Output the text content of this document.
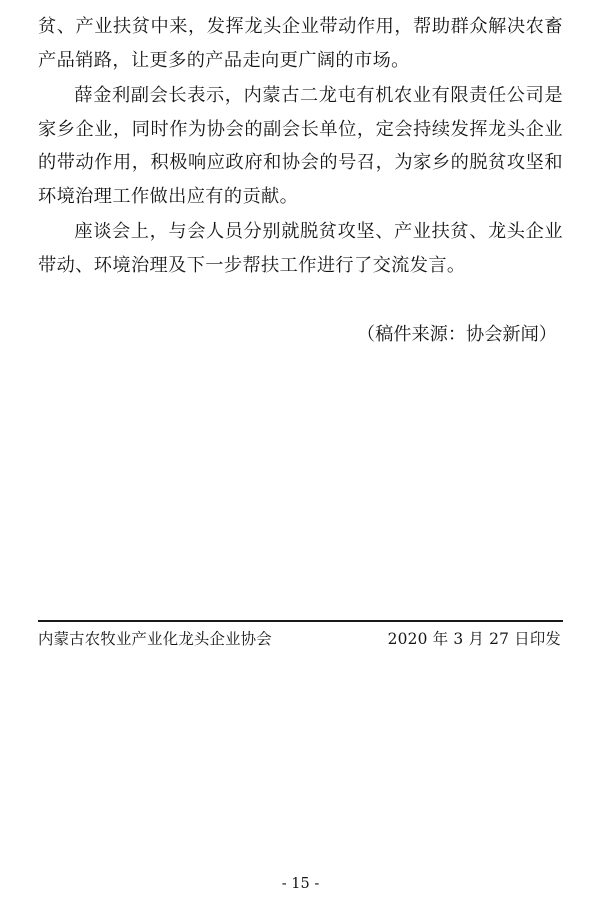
贫、产业扶贫中来，发挥龙头企业带动作用，帮助群众解决农畜产品销路，让更多的产品走向更广阔的市场。

薛金利副会长表示，内蒙古二龙屯有机农业有限责任公司是家乡企业，同时作为协会的副会长单位，定会持续发挥龙头企业的带动作用，积极响应政府和协会的号召，为家乡的脱贫攻坚和环境治理工作做出应有的贡献。

座谈会上，与会人员分别就脱贫攻坚、产业扶贫、龙头企业带动、环境治理及下一步帮扶工作进行了交流发言。

（稿件来源：协会新闻）
内蒙古农牧业产业化龙头企业协会	2020 年 3 月 27 日印发
- 15 -
